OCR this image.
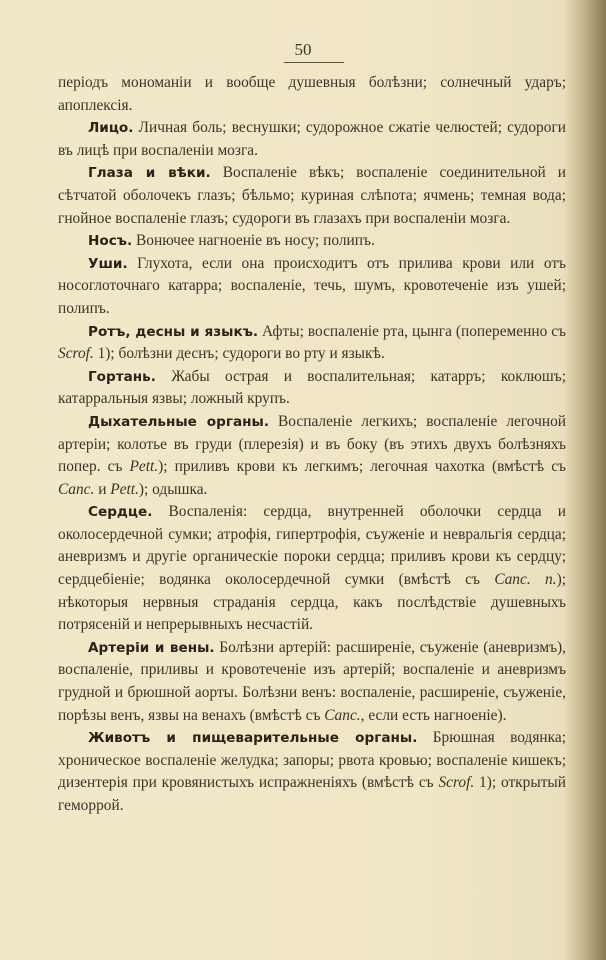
50

періодъ мономаніи и вообще душевныя болѣзни; солнечный ударъ; апоплексія.

Лицо. Личная боль; веснушки; судорожное сжатіе челюстей; судороги въ лицѣ при воспаленіи мозга.

Глаза и вѣки. Воспаленіе вѣкъ; воспаленіе соединительной и сѣтчатой оболочекъ глазъ; бѣльмо; куриная слѣпота; ячмень; темная вода; гнойное воспаленіе глазъ; судороги въ глазахъ при воспаленіи мозга.

Носъ. Вонючее нагноеніе въ носу; полипъ.

Уши. Глухота, если она происходитъ отъ прилива крови или отъ носоглоточнаго катарра; воспаленіе, течь, шумъ, кровотеченіе изъ ушей; полипъ.

Ротъ, десны и языкъ. Афты; воспаленіе рта, цынга (попеременно съ Scrof. 1); болѣзни деснъ; судороги во рту и языкѣ.

Гортань. Жабы острая и воспалительная; катарръ; коклюшъ; катарральныя язвы; ложный крупъ.

Дыхательные органы. Воспаленіе легкихъ; воспаленіе легочной артеріи; колотье въ груди (плерезія) и въ боку (въ этихъ двухъ болѣзняхъ попер. съ Pett.); приливъ крови къ легкимъ; легочная чахотка (вмѣстѣ съ Canc. и Pett.); одышка.

Сердце. Воспаленія: сердца, внутренней оболочки сердца и околосердечной сумки; атрофія, гипертрофія, съуженіе и невральгія сердца; аневризмъ и другіе органическіе пороки сердца; приливъ крови къ сердцу; сердцебіеніе; водянка околосердечной сумки (вмѣстѣ съ Canc. n.); нѣкоторыя нервныя страданія сердца, какъ послѣдствіе душевныхъ потрясеній и непрерывныхъ несчастій.

Артеріи и вены. Болѣзни артерій: расширеніе, съуженіе (аневризмъ), воспаленіе, приливы и кровотеченіе изъ артерій; воспаленіе и аневризмъ грудной и брюшной аорты. Болѣзни венъ: воспаленіе, расширеніе, съуженіе, порѣзы венъ, язвы на венахъ (вмѣстѣ съ Canc., если есть нагноеніе).

Животъ и пищеварительные органы. Брюшная водянка; хроническое воспаленіе желудка; запоры; рвота кровью; воспаленіе кишекъ; дизентерія при кровянистыхъ испражненіяхъ (вмѣстѣ съ Scrof. 1); открытый геморрой.
